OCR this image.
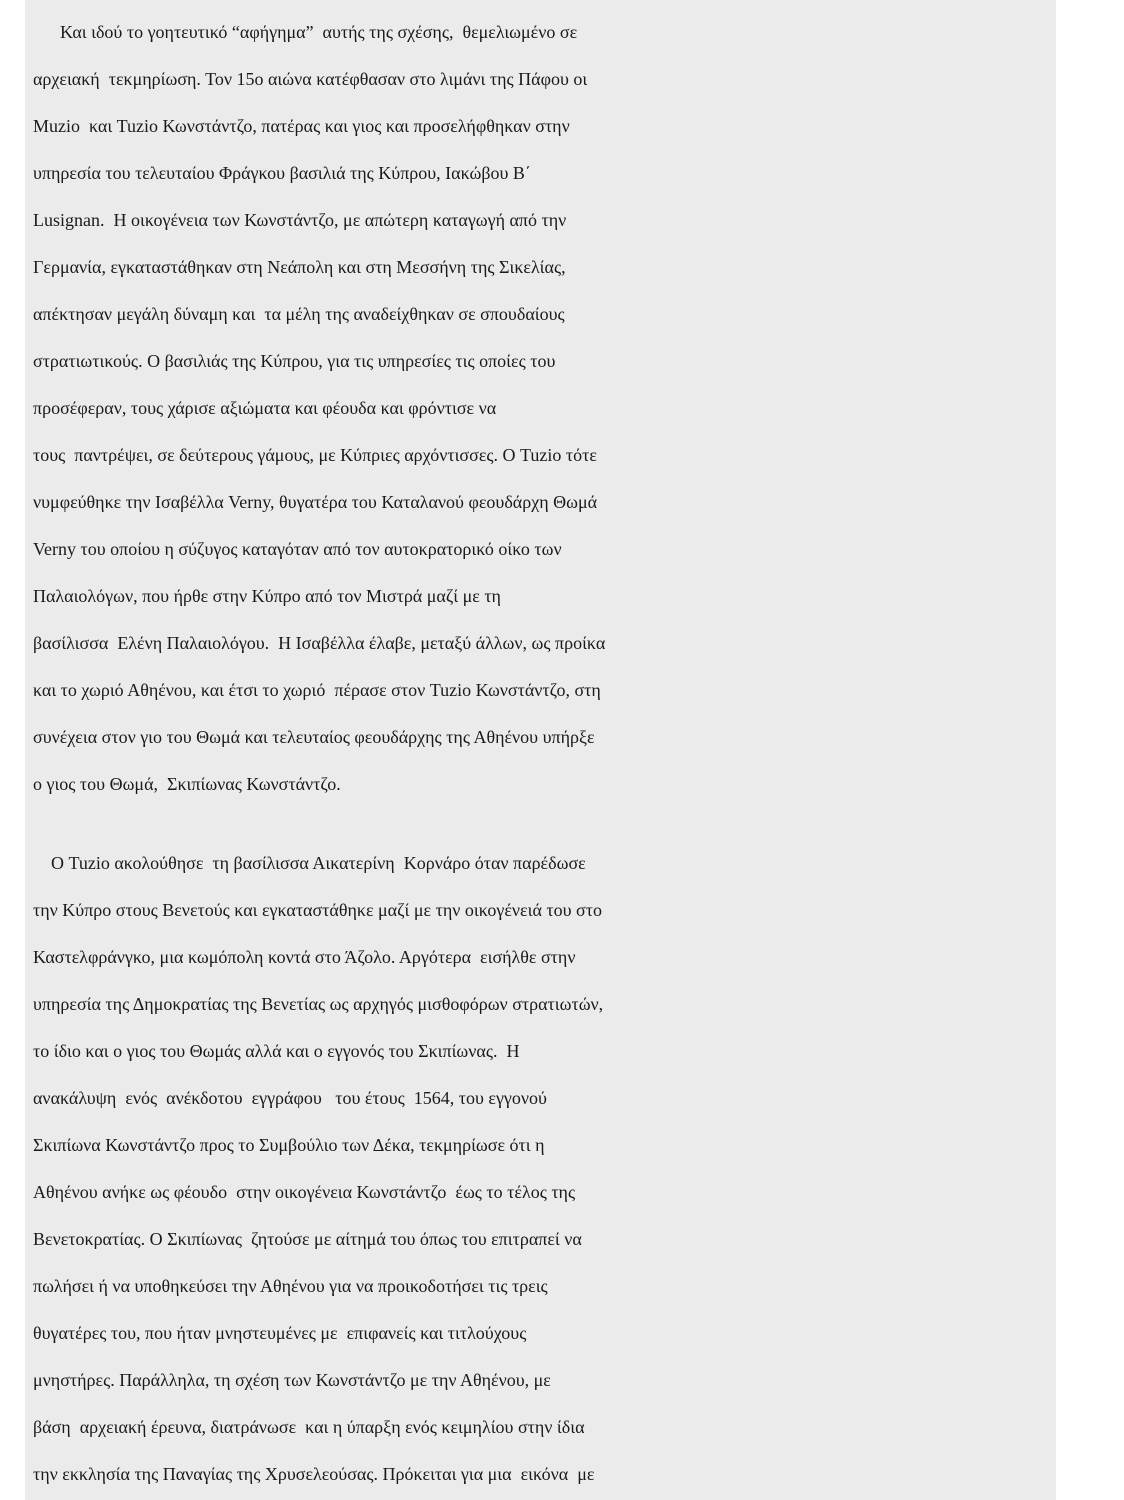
Και ιδού το γοητευτικό “αφήγημα”  αυτής της σχέσης,  θεμελιωμένο σε
αρχειακή  τεκμηρίωση. Τον 15ο αιώνα κατέφθασαν στο λιμάνι της Πάφου οι
Muzio  και Tuzio Κωνστάντζο, πατέρας και γιος και προσελήφθηκαν στην
υπηρεσία του τελευταίου Φράγκου βασιλιά της Κύπρου, Ιακώβου Β΄
Lusignan.  Η οικογένεια των Κωνστάντζο, με απώτερη καταγωγή από την
Γερμανία, εγκαταστάθηκαν στη Νεάπολη και στη Μεσσήνη της Σικελίας,
απέκτησαν μεγάλη δύναμη και  τα μέλη της αναδείχθηκαν σε σπουδαίους
στρατιωτικούς. Ο βασιλιάς της Κύπρου, για τις υπηρεσίες τις οποίες του
προσέφεραν, τους χάρισε αξιώματα και φέουδα και φρόντισε να
τους  παντρέψει, σε δεύτερους γάμους, με Κύπριες αρχόντισσες. Ο Tuzio τότε
νυμφεύθηκε την Ισαβέλλα Verny, θυγατέρα του Καταλανού φεουδάρχη Θωμά
Verny του οποίου η σύζυγος καταγόταν από τον αυτοκρατορικό οίκο των
Παλαιολόγων, που ήρθε στην Κύπρο από τον Μιστρά μαζί με τη
βασίλισσα  Ελένη Παλαιολόγου.  Η Ισαβέλλα έλαβε, μεταξύ άλλων, ως προίκα
και το χωριό Αθηένου, και έτσι το χωριό  πέρασε στον Tuzio Κωνστάντζο, στη
συνέχεια στον γιο του Θωμά και τελευταίος φεουδάρχης της Αθηένου υπήρξε
ο γιος του Θωμά,  Σκιπίωνας Κωνστάντζο.
Ο Tuzio ακολούθησε  τη βασίλισσα Αικατερίνη  Κορνάρο όταν παρέδωσε
την Κύπρο στους Βενετούς και εγκαταστάθηκε μαζί με την οικογένειά του στο
Καστελφράνγκο, μια κωμόπολη κοντά στο Άζολο. Αργότερα  εισήλθε στην
υπηρεσία της Δημοκρατίας της Βενετίας ως αρχηγός μισθοφόρων στρατιωτών,
το ίδιο και ο γιος του Θωμάς αλλά και ο εγγονός του Σκιπίωνας.  Η
ανακάλυψη  ενός  ανέκδοτου  εγγράφου   του έτους  1564, του εγγονού
Σκιπίωνα Κωνστάντζο προς το Συμβούλιο των Δέκα, τεκμηρίωσε ότι η
Αθηένου ανήκε ως φέουδο  στην οικογένεια Κωνστάντζο  έως το τέλος της
Βενετοκρατίας. Ο Σκιπίωνας  ζητούσε με αίτημά του όπως του επιτραπεί να
πωλήσει ή να υποθηκεύσει την Αθηένου για να προικοδοτήσει τις τρεις
θυγατέρες του, που ήταν μνηστευμένες με  επιφανείς και τιτλούχους
μνηστήρες. Παράλληλα, τη σχέση των Κωνστάντζο με την Αθηένου, με
βάση  αρχειακή έρευνα, διατράνωσε  και η ύπαρξη ενός κειμηλίου στην ίδια
την εκκλησία της Παναγίας της Χρυσελεούσας. Πρόκειται για μια  εικόνα  με
